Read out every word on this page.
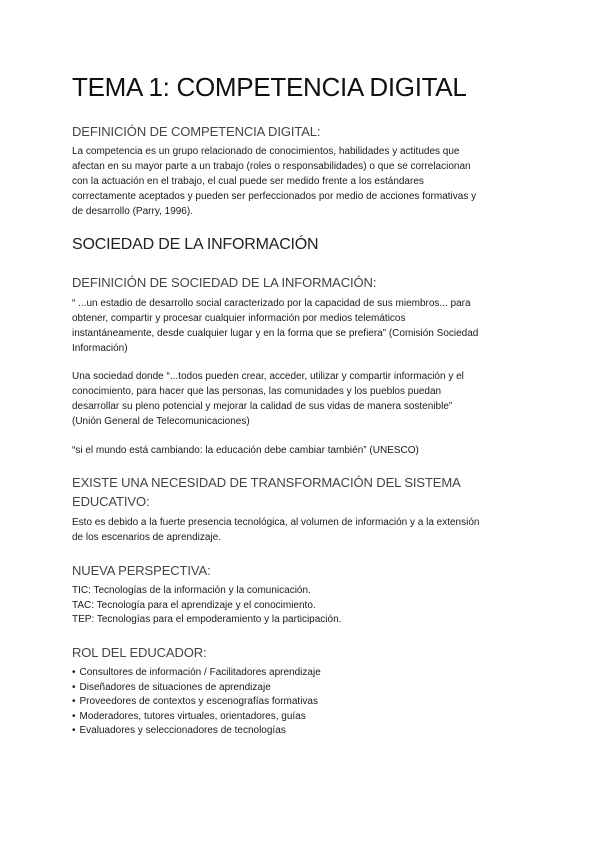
TEMA 1: COMPETENCIA DIGITAL
DEFINICIÓN DE COMPETENCIA DIGITAL:

La competencia es un grupo relacionado de conocimientos, habilidades y actitudes que
afectan en su mayor parte a un trabajo (roles o responsabilidades) o que se correlacionan
con la actuación en el trabajo, el cual puede ser medido frente a los estándares
correctamente aceptados y pueden ser perfeccionados por medio de acciones formativas y
de desarrollo (Parry, 1996).

SOCIEDAD DE LA INFORMACIÓN
DEFINICIÓN DE SOCIEDAD DE LA INFORMACIÓN:

“ ...un estadio de desarrollo social caracterizado por la capacidad de sus miembros... para
obtener, compartir y procesar cualquier información por medios telemáticos
instantáneamente, desde cualquier lugar y en la forma que se prefiera” (Comisión Sociedad
Información)

Una sociedad donde “...todos pueden crear, acceder, utilizar y compartir información y el
conocimiento, para hacer que las personas, las comunidades y los pueblos puedan
desarrollar su pleno potencial y mejorar la calidad de sus vidas de manera sostenible”
(Unión General de Telecomunicaciones)

“si el mundo está cambiando: la educación debe cambiar también” (UNESCO)

EXISTE UNA NECESIDAD DE TRANSFORMACIÓN DEL SISTEMA
EDUCATIVO:

Esto es debido a la fuerte presencia tecnológica, al volumen de información y a la extensión
de los escenarios de aprendizaje.

NUEVA PERSPECTIVA:
TIC: Tecnologías de la información y la comunicación.
TAC: Tecnología para el aprendizaje y el conocimiento.
TEP: Tecnologías para el empoderamiento y la participación.
ROL DEL EDUCADOR:
• Consultores de información / Facilitadores aprendizaje
• Diseñadores de situaciones de aprendizaje
• Proveedores de contextos y escenografías formativas
• Moderadores, tutores virtuales, orientadores, guías
• Evaluadores y seleccionadores de tecnologías
